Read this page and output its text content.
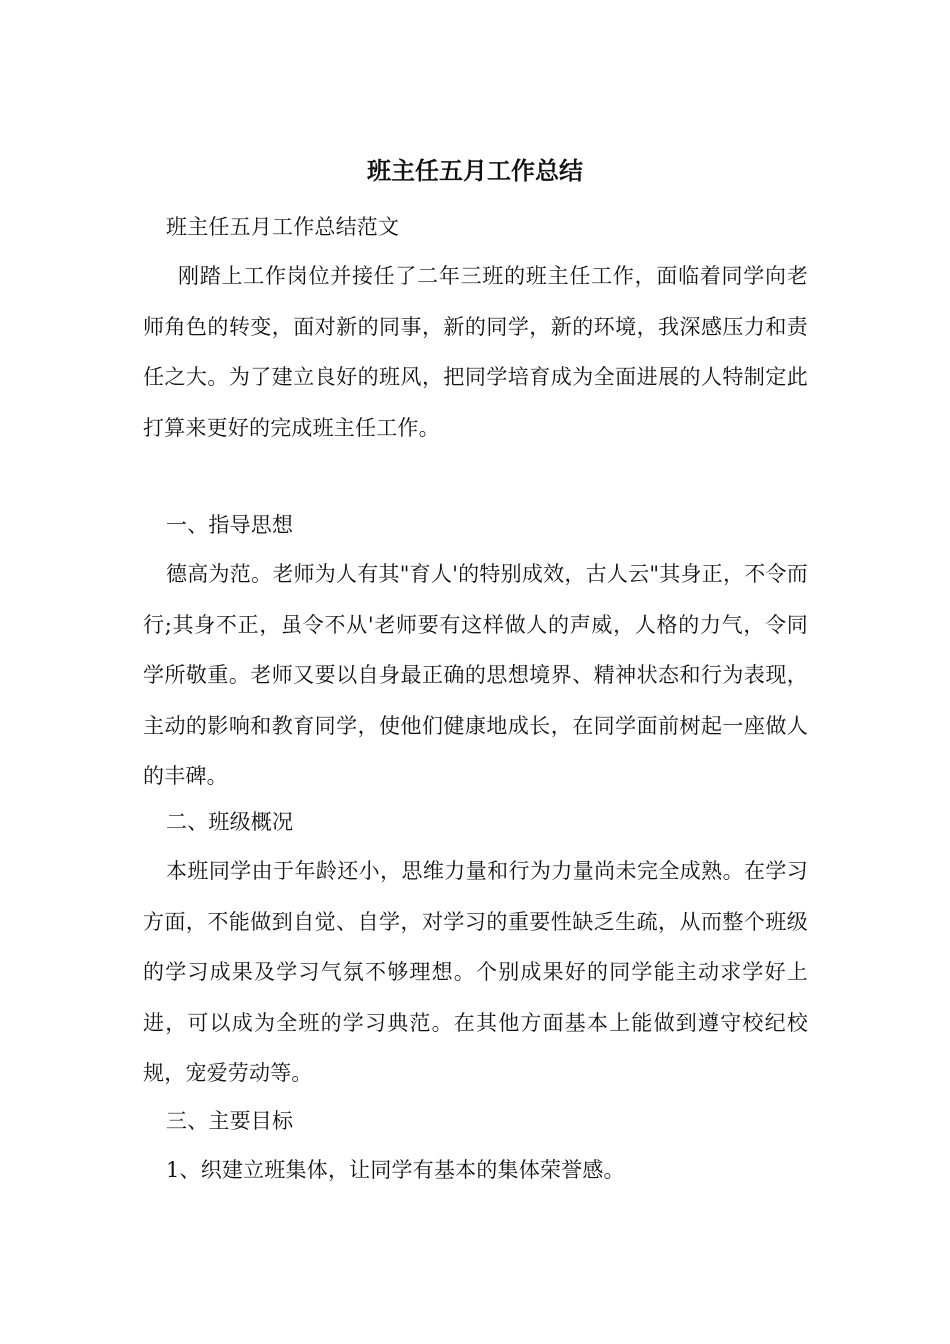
班主任五月工作总结

班主任五月工作总结范文

刚踏上工作岗位并接任了二年三班的班主任工作，面临着同学向老师角色的转变，面对新的同事，新的同学，新的环境，我深感压力和责任之大。为了建立良好的班风，把同学培育成为全面进展的人特制定此打算来更好的完成班主任工作。

一、指导思想

德高为范。老师为人有其"育人'的特别成效，古人云"其身正，不令而行;其身不正，虽令不从'老师要有这样做人的声威，人格的力气，令同学所敬重。老师又要以自身最正确的思想境界、精神状态和行为表现，主动的影响和教育同学，使他们健康地成长，在同学面前树起一座做人的丰碑。

二、班级概况

本班同学由于年龄还小，思维力量和行为力量尚未完全成熟。在学习方面，不能做到自觉、自学，对学习的重要性缺乏生疏，从而整个班级的学习成果及学习气氛不够理想。个别成果好的同学能主动求学好上进，可以成为全班的学习典范。在其他方面基本上能做到遵守校纪校规，宠爱劳动等。

三、主要目标

1、织建立班集体，让同学有基本的集体荣誉感。
